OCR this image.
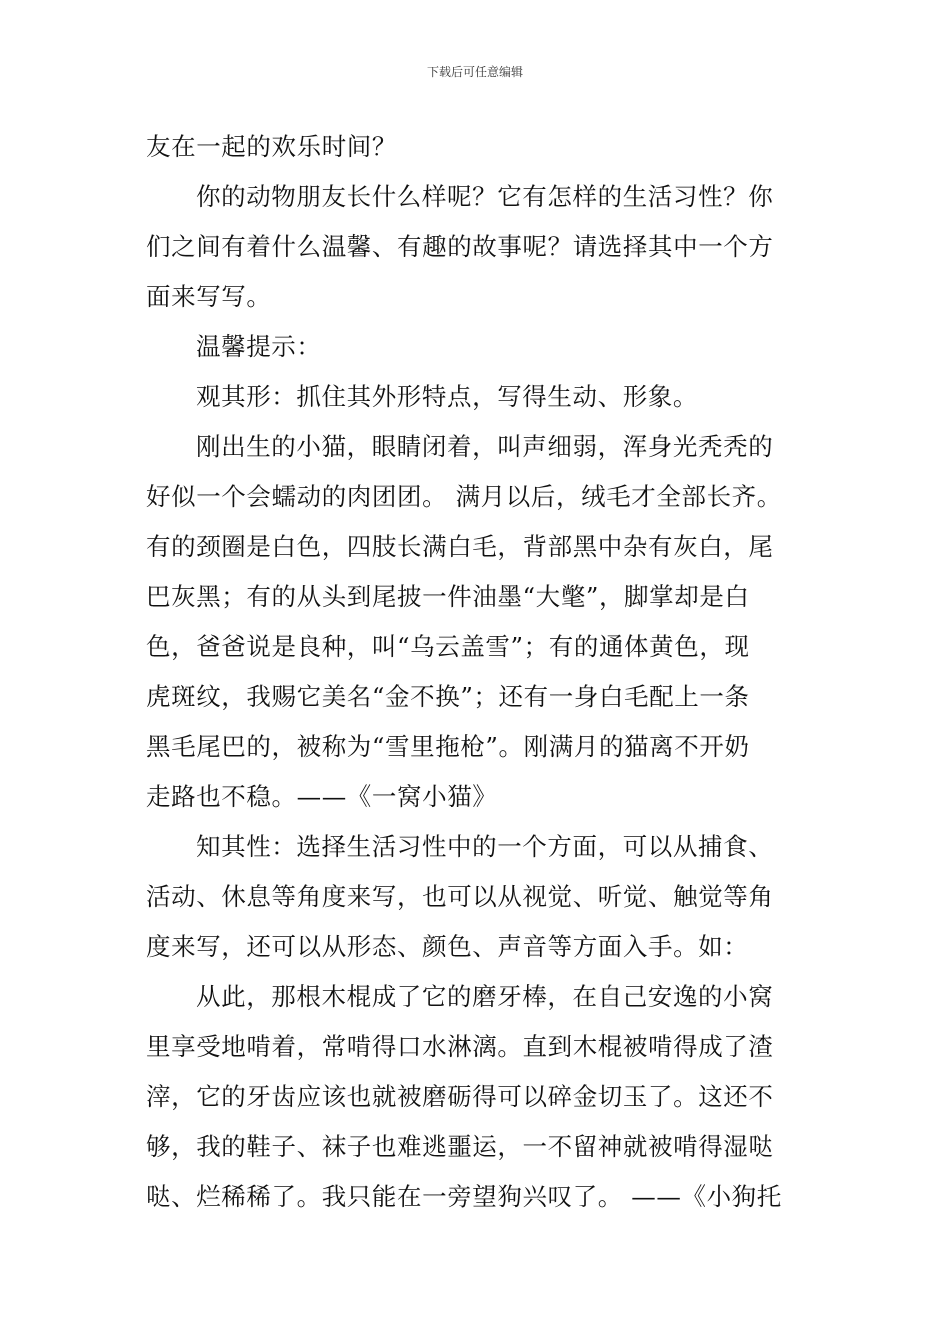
下载后可任意编辑
友在一起的欢乐时间？
你的动物朋友长什么样呢？它有怎样的生活习性？你
们之间有着什么温馨、有趣的故事呢？请选择其中一个方
面来写写。
温馨提示：
观其形：抓住其外形特点，写得生动、形象。
刚出生的小猫，眼睛闭着，叫声细弱，浑身光秃秃的
好似一个会蠕动的肉团团。 满月以后，绒毛才全部长齐。
有的颈圈是白色，四肢长满白毛，背部黑中杂有灰白，尾
巴灰黑；有的从头到尾披一件油墨“大氅”，脚掌却是白
色，爸爸说是良种，叫“乌云盖雪”；有的通体黄色，现
虎斑纹，我赐它美名“金不换”；还有一身白毛配上一条
黑毛尾巴的，被称为“雪里拖枪”。刚满月的猫离不开奶
走路也不稳。——《一窝小猫》
知其性：选择生活习性中的一个方面，可以从捕食、
活动、休息等角度来写，也可以从视觉、听觉、触觉等角
度来写，还可以从形态、颜色、声音等方面入手。如：
从此，那根木棍成了它的磨牙棒，在自己安逸的小窝
里享受地啃着，常啃得口水淋漓。直到木棍被啃得成了渣
滓，它的牙齿应该也就被磨砺得可以碎金切玉了。这还不
够，我的鞋子、袜子也难逃噩运，一不留神就被啃得湿哒
哒、烂稀稀了。我只能在一旁望狗兴叹了。 ——《小狗托
